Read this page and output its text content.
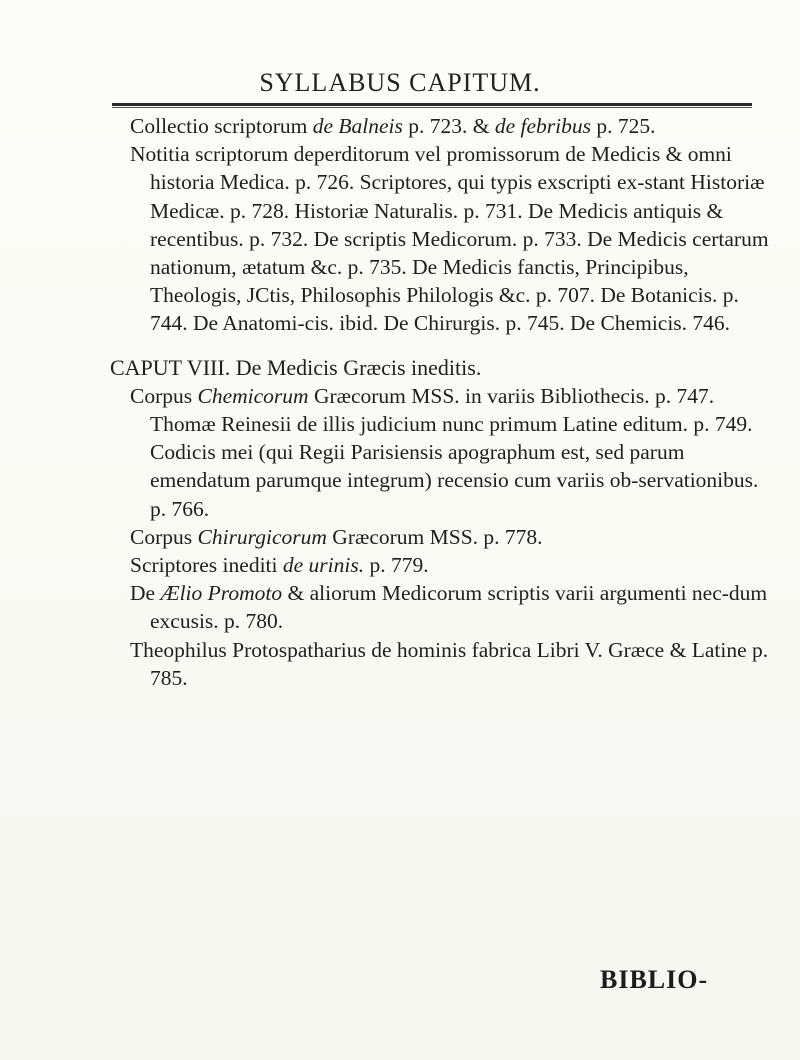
SYLLABUS CAPITUM.

Collectio scriptorum de Balneis p. 723. & de febribus p. 725.

Notitia scriptorum deperditorum vel promissorum de Medicis & omni historia Medica. p. 726. Scriptores, qui typis exscripti ex-stant Historiæ Medicæ. p. 728. Historiæ Naturalis. p. 731. De Medicis antiquis & recentibus. p. 732. De scriptis Medicorum. p. 733. De Medicis certarum nationum, ætatum &c. p. 735. De Medicis fanctis, Principibus, Theologis, JCtis, Philosophis Philologis &c. p. 707. De Botanicis. p. 744. De Anatomi-cis. ibid. De Chirurgis. p. 745. De Chemicis. 746.

CAPUT VIII. De Medicis Græcis ineditis.

Corpus Chemicorum Græcorum MSS. in variis Bibliothecis. p. 747. Thomæ Reinesii de illis judicium nunc primum Latine editum. p. 749. Codicis mei (qui Regii Parisiensis apographum est, sed parum emendatum parumque integrum) recensio cum variis ob-servationibus. p. 766.

Corpus Chirurgicorum Græcorum MSS. p. 778.

Scriptores inediti de urinis. p. 779.

De Ælio Promoto & aliorum Medicorum scriptis varii argumenti nec-dum excusis. p. 780.

Theophilus Protospatharius de hominis fabrica Libri V. Græce & Latine p. 785.

BIBLIO-
